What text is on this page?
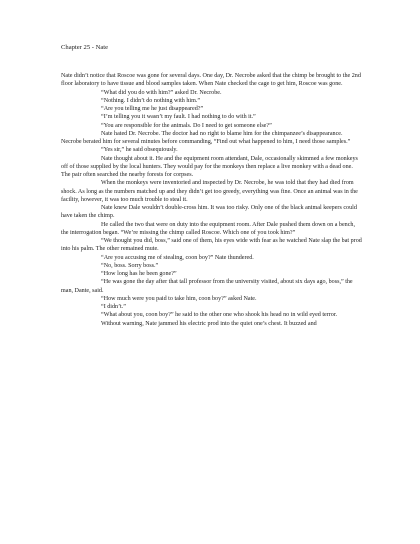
Chapter 25 - Nate

Nate didn’t notice that Roscoe was gone for several days. One day, Dr. Necrobe asked that the chimp be brought to the 2nd floor laboratory to have tissue and blood samples taken. When Nate checked the cage to get him, Roscoe was gone.

“What did you do with him?” asked Dr. Necrobe.

“Nothing. I didn’t do nothing with him.”

“Are you telling me he just disappeared?”

“I’m telling you it wasn’t my fault. I had nothing to do with it.”

“You are responsible for the animals. Do I need to get someone else?”

Nate hated Dr. Necrobe. The doctor had no right to blame him for the chimpanzee’s disappearance. Necrobe berated him for several minutes before commanding, “Find out what happened to him, I need those samples.”

“Yes sir,” he said obsequiously.

Nate thought about it. He and the equipment room attendant, Dale, occasionally skimmed a few monkeys off of those supplied by the local hunters. They would pay for the monkeys then replace a live monkey with a dead one. The pair often searched the nearby forests for corpses.

When the monkeys were inventoried and inspected by Dr. Necrobe, he was told that they had died from shock. As long as the numbers matched up and they didn’t get too greedy, everything was fine. Once an animal was in the facility, however, it was too much trouble to steal it.

Nate knew Dale wouldn’t double-cross him. It was too risky. Only one of the black animal keepers could have taken the chimp.

He called the two that were on duty into the equipment room. After Dale pushed them down on a bench, the interrogation began. “We’re missing the chimp called Roscoe. Which one of you took him?”

“We thought you did, boss,” said one of them, his eyes wide with fear as he watched Nate slap the bat prod into his palm. The other remained mute.

“Are you accusing me of stealing, coon boy?” Nate thundered.

“No, boss. Sorry boss.”

“How long has he been gone?”

“He was gone the day after that tall professor from the university visited, about six days ago, boss,” the man, Dante, said.

“How much were you paid to take him, coon boy?” asked Nate.

“I didn’t.”

“What about you, coon boy?” he said to the other one who shook his head no in wild eyed terror.

Without warning, Nate jammed his electric prod into the quiet one’s chest. It buzzed and
